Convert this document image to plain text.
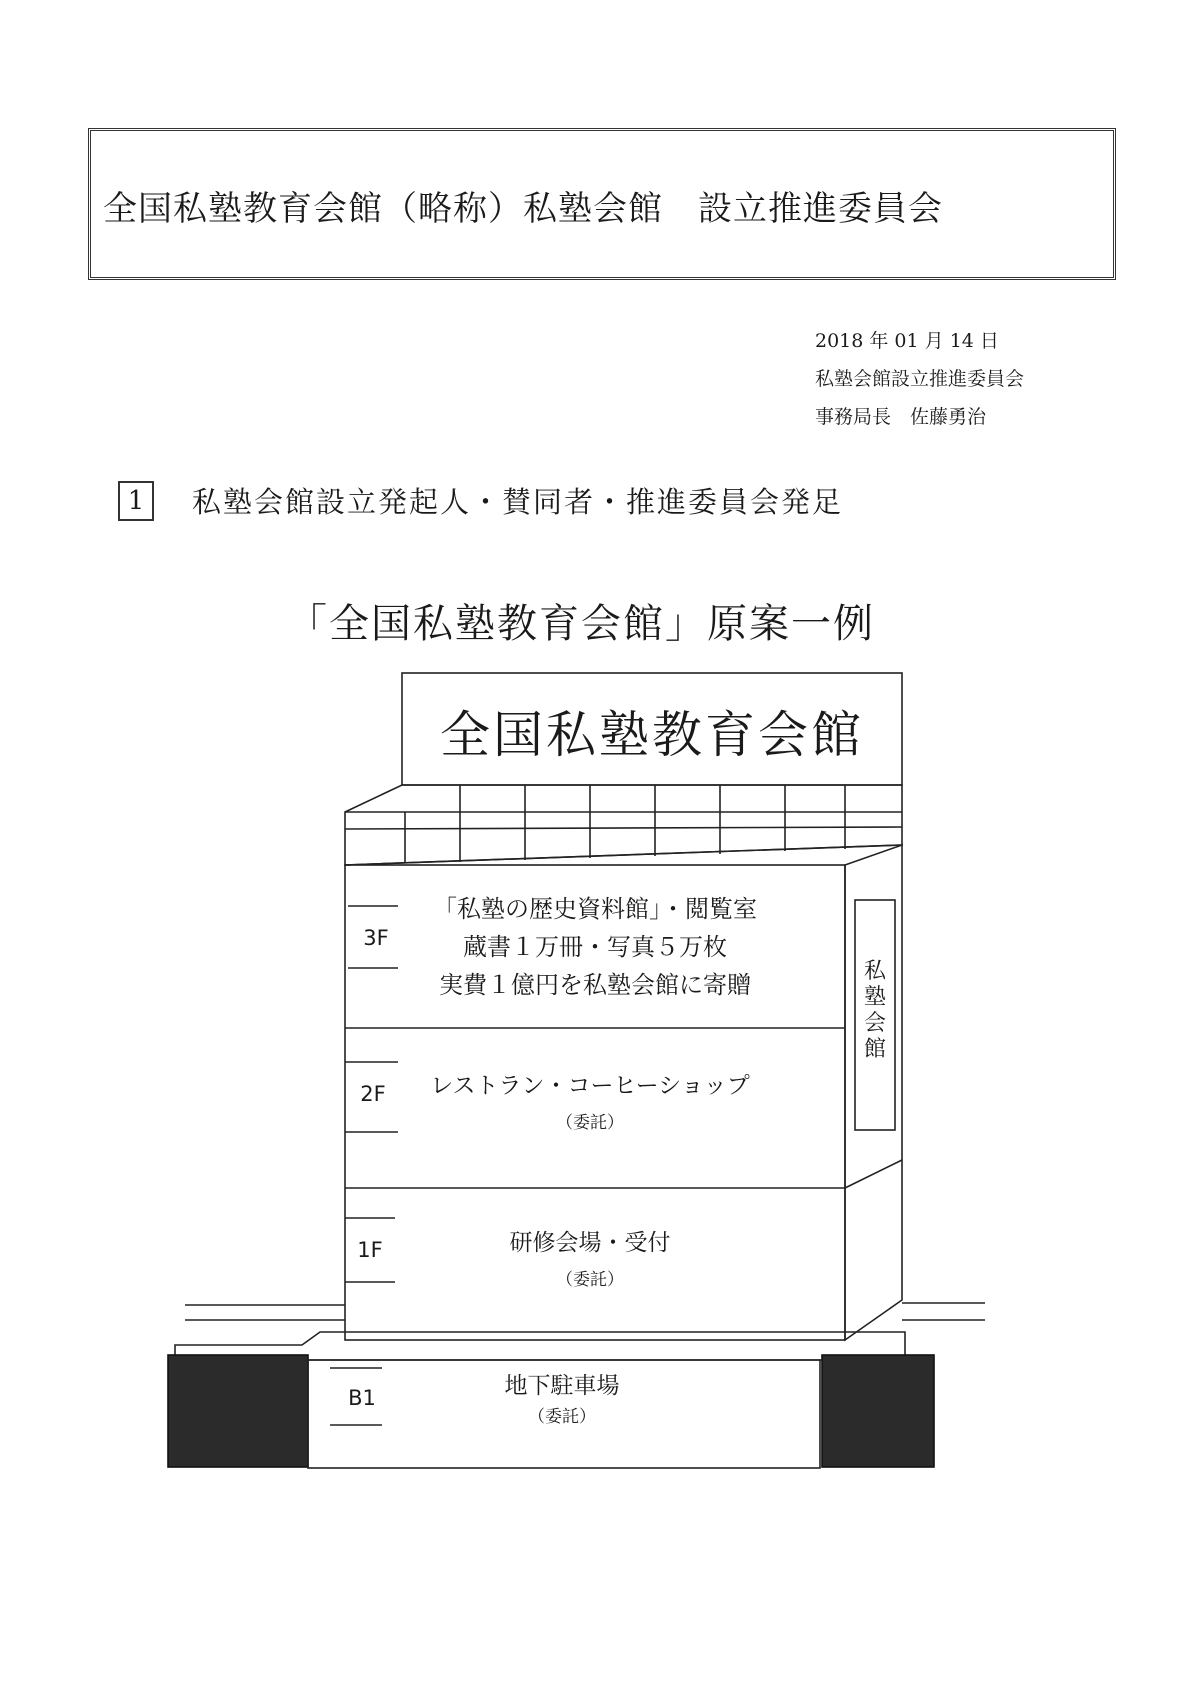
全国私塾教育会館（略称）私塾会館　設立推進委員会
2018 年 01 月 14 日
私塾会館設立推進委員会
事務局長　佐藤勇治
1	私塾会館設立発起人・賛同者・推進委員会発足
「全国私塾教育会館」原案一例
全国私塾教育会館
私
塾
会
館
3F
「私塾の歴史資料館」・閲覧室
蔵書１万冊・写真５万枚
実費１億円を私塾会館に寄贈
2F レストラン・コーヒーショップ
（委託）
1F	研修会場・受付
（委託）
B1	地下駐車場
（委託）
